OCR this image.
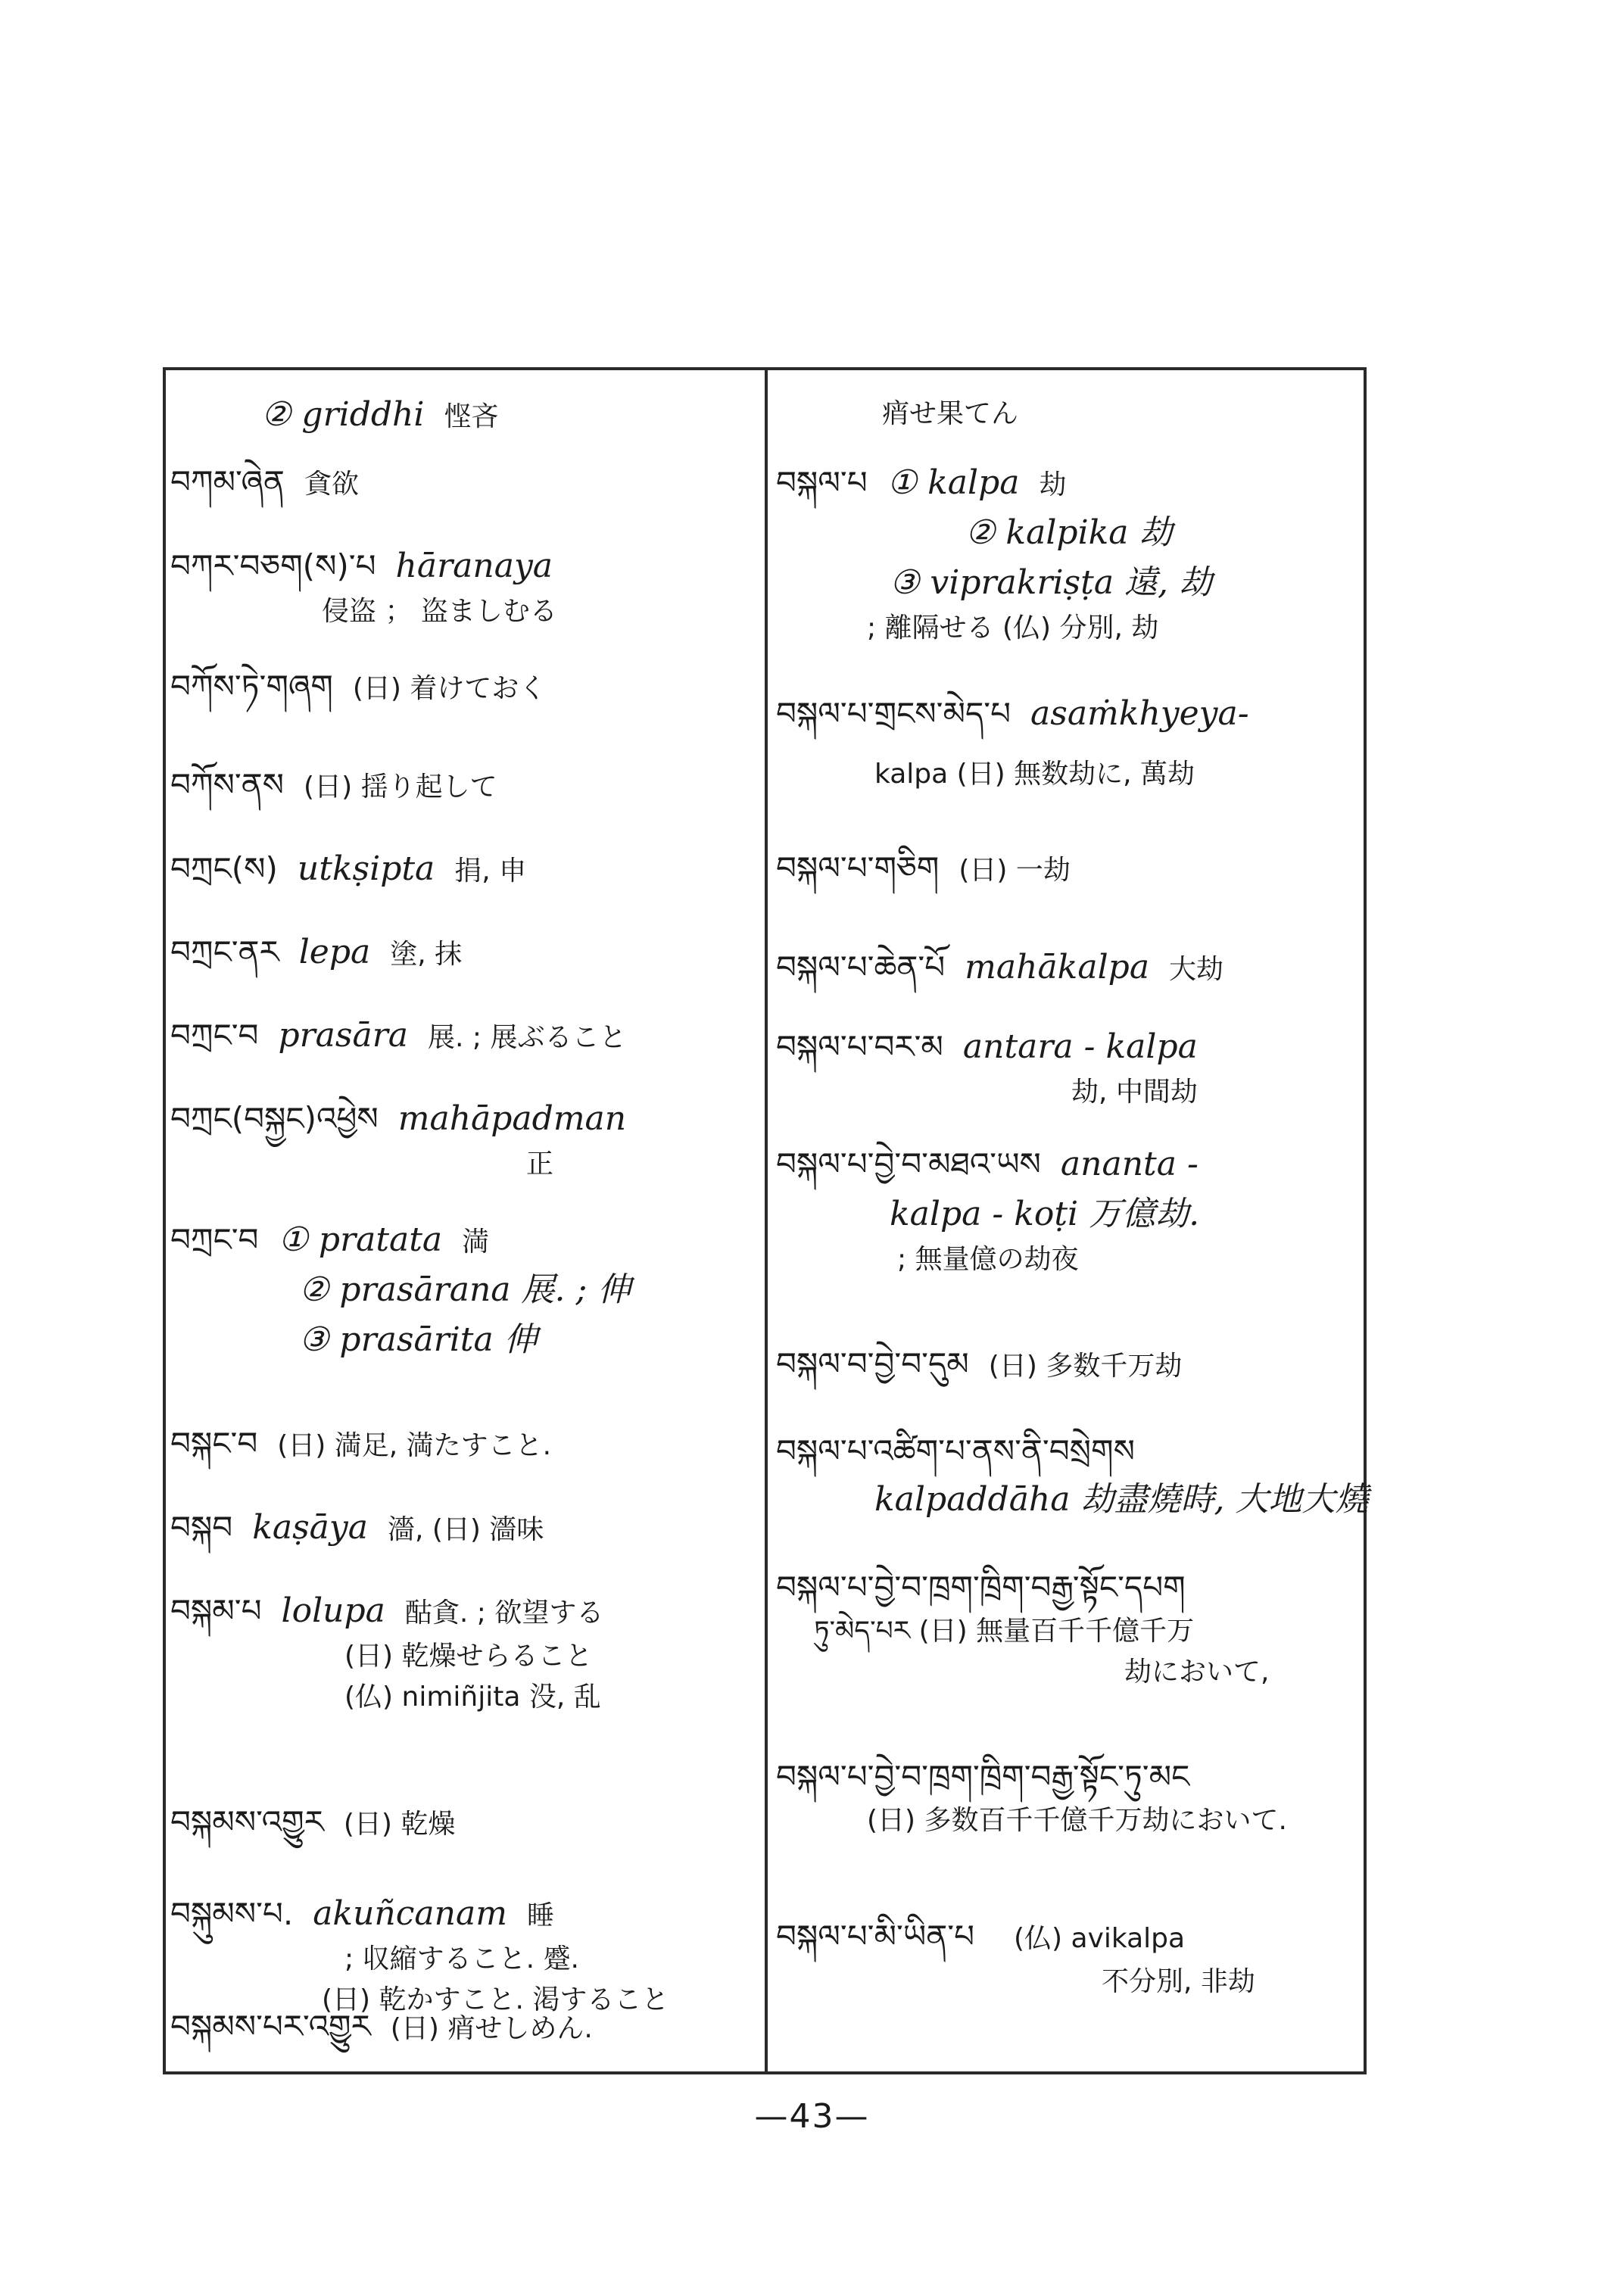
② griddhi 悭吝
བཀམ་ཞེན 貪欲
བཀར་བཅག(ས)་པ hāranaya
侵盗 ； 盗ましむる
བཀོས་ཏེ་གཞག (日) 着けておく
བཀོས་ནས (日) 揺り起して
བཀྲང(ས) utkṣipta 捐, 申
བཀྲང་ནར lepa 塗, 抹
བཀྲང་བ prasāra 展. ; 展ぶること
བཀྲང(བསྐྱང)འཕྱེས mahāpadman
正
བཀྲང་བ ① pratata 満
② prasārana 展. ; 伸
③ prasārita 伸
བསྐང་བ (日) 満足, 満たすこと.
བསྐབ kaṣāya 濇, (日) 濇味
བསྐམ་པ lolupa 酤貪. ; 欲望する
(日) 乾燥せらること
(仏) nimiñjita 没, 乱
བསྐམས་འགྱུར (日) 乾燥
བསྐུམས་པ. akuñcanam 睡
; 収縮すること. 蹙.
(日) 乾かすこと. 渇すること
བསྐམས་པར་འགྱུར (日) 痟せしめん.
痟せ果てん
བསྐལ་པ ① kalpa 劫
② kalpika 劫
③ viprakriṣṭa 遠, 劫
; 離隔せる (仏) 分別, 劫
བསྐལ་པ་གྲངས་མེད་པ asaṁkhyeya-
kalpa (日) 無数劫に, 萬劫
བསྐལ་པ་གཅིག (日) 一劫
བསྐལ་པ་ཆེན་པོ mahākalpa 大劫
བསྐལ་པ་བར་མ antara - kalpa
劫, 中間劫
བསྐལ་པ་བྱེ་བ་མཐའ་ཡས ananta -
kalpa - koṭi 万億劫.
; 無量億の劫夜
བསྐལ་བ་བྱེ་བ་དུམ (日) 多数千万劫
བསྐལ་པ་འཚིག་པ་ནས་ནི་བསྲེགས
kalpaddāha 劫盡燒時, 大地大燒
བསྐལ་པ་བྱེ་བ་ཁྲག་ཁྲིག་བརྒྱ་སྟོང་དཔག
ཏུ་མེད་པར (日) 無量百千千億千万
劫において,
བསྐལ་པ་བྱེ་བ་ཁྲག་ཁྲིག་བརྒྱ་སྟོང་ཏུ་མང
(日) 多数百千千億千万劫において.
བསྐལ་པ་མི་ཡིན་པ (仏) avikalpa
不分別, 非劫
—43—
